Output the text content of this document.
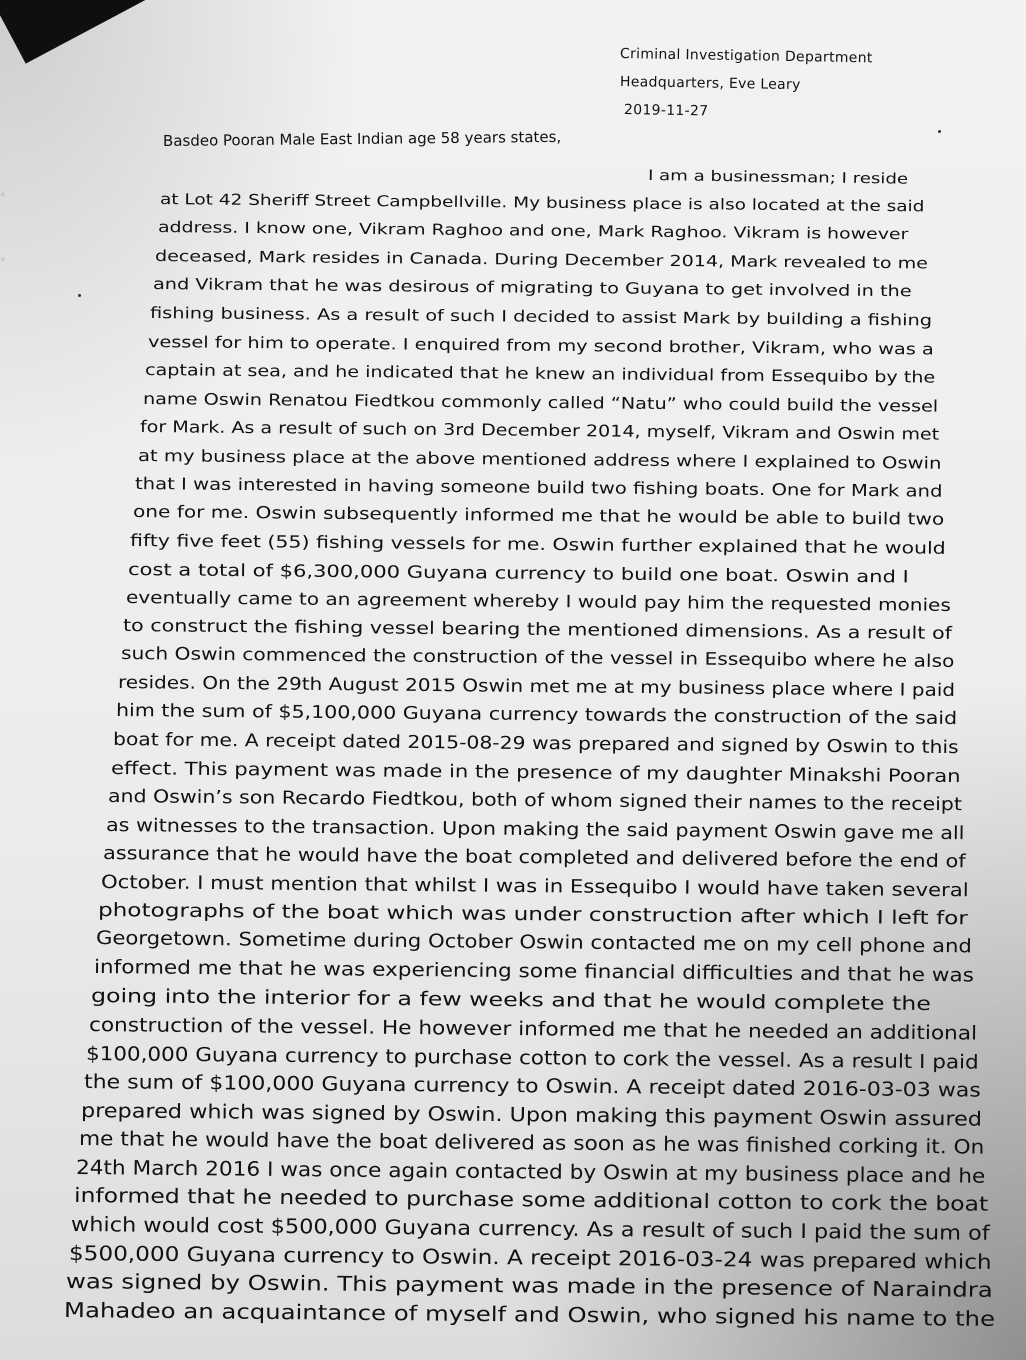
Criminal Investigation Department
Headquarters, Eve Leary
2019-11-27
Basdeo Pooran Male East Indian age 58 years states,
I am a businessman; I reside
at Lot 42 Sheriff Street Campbellville. My business place is also located at the said
address. I know one, Vikram Raghoo and one, Mark Raghoo. Vikram is however
deceased, Mark resides in Canada. During December 2014, Mark revealed to me
and Vikram that he was desirous of migrating to Guyana to get involved in the
fishing business. As a result of such I decided to assist Mark by building a fishing
vessel for him to operate. I enquired from my second brother, Vikram, who was a
captain at sea, and he indicated that he knew an individual from Essequibo by the
name Oswin Renatou Fiedtkou commonly called “Natu” who could build the vessel
for Mark. As a result of such on 3rd December 2014, myself, Vikram and Oswin met
at my business place at the above mentioned address where I explained to Oswin
that I was interested in having someone build two fishing boats. One for Mark and
one for me. Oswin subsequently informed me that he would be able to build two
fifty five feet (55) fishing vessels for me. Oswin further explained that he would
cost a total of $6,300,000 Guyana currency to build one boat. Oswin and I
eventually came to an agreement whereby I would pay him the requested monies
to construct the fishing vessel bearing the mentioned dimensions. As a result of
such Oswin commenced the construction of the vessel in Essequibo where he also
resides. On the 29th August 2015 Oswin met me at my business place where I paid
him the sum of $5,100,000 Guyana currency towards the construction of the said
boat for me. A receipt dated 2015-08-29 was prepared and signed by Oswin to this
effect. This payment was made in the presence of my daughter Minakshi Pooran
and Oswin’s son Recardo Fiedtkou, both of whom signed their names to the receipt
as witnesses to the transaction. Upon making the said payment Oswin gave me all
assurance that he would have the boat completed and delivered before the end of
October. I must mention that whilst I was in Essequibo I would have taken several
photographs of the boat which was under construction after which I left for
Georgetown. Sometime during October Oswin contacted me on my cell phone and
informed me that he was experiencing some financial difficulties and that he was
going into the interior for a few weeks and that he would complete the
construction of the vessel. He however informed me that he needed an additional
$100,000 Guyana currency to purchase cotton to cork the vessel. As a result I paid
the sum of $100,000 Guyana currency to Oswin. A receipt dated 2016-03-03 was
prepared which was signed by Oswin. Upon making this payment Oswin assured
me that he would have the boat delivered as soon as he was finished corking it. On
24th March 2016 I was once again contacted by Oswin at my business place and he
informed that he needed to purchase some additional cotton to cork the boat
which would cost $500,000 Guyana currency. As a result of such I paid the sum of
$500,000 Guyana currency to Oswin. A receipt 2016-03-24 was prepared which
was signed by Oswin. This payment was made in the presence of Naraindra
Mahadeo an acquaintance of myself and Oswin, who signed his name to the
◦
◦
